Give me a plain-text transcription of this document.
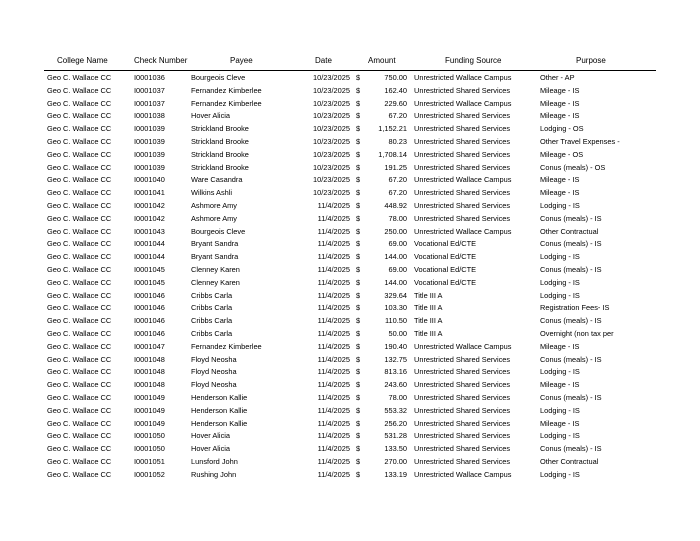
College Name	Check Number	Payee	Date	Amount	Funding Source	Purpose
Geo C. Wallace CC	I0001036	Bourgeois Cleve	10/23/2025 $	750.00 Unrestricted Wallace Campus	Other - AP
Geo C. Wallace CC	I0001037	Fernandez Kimberlee	10/23/2025 $	162.40 Unrestricted Shared Services	Mileage - IS
Geo C. Wallace CC	I0001037	Fernandez Kimberlee	10/23/2025 $	229.60 Unrestricted Wallace Campus	Mileage - IS
Geo C. Wallace CC	I0001038	Hover Alicia	10/23/2025 $	67.20 Unrestricted Shared Services	Mileage - IS
Geo C. Wallace CC	I0001039	Strickland Brooke	10/23/2025 $	1,152.21 Unrestricted Shared Services	Lodging - OS
Geo C. Wallace CC	I0001039	Strickland Brooke	10/23/2025 $	80.23 Unrestricted Shared Services	Other Travel Expenses -
Geo C. Wallace CC	I0001039	Strickland Brooke	10/23/2025 $	1,708.14 Unrestricted Shared Services	Mileage - OS
Geo C. Wallace CC	I0001039	Strickland Brooke	10/23/2025 $	191.25 Unrestricted Shared Services	Conus (meals) - OS
Geo C. Wallace CC	I0001040	Ware Casandra	10/23/2025 $	67.20 Unrestricted Wallace Campus	Mileage - IS
Geo C. Wallace CC	I0001041	Wilkins Ashli	10/23/2025 $	67.20 Unrestricted Shared Services	Mileage - IS
Geo C. Wallace CC	I0001042	Ashmore Amy	11/4/2025 $	448.92 Unrestricted Shared Services	Lodging - IS
Geo C. Wallace CC	I0001042	Ashmore Amy	11/4/2025 $	78.00 Unrestricted Shared Services	Conus (meals) - IS
Geo C. Wallace CC	I0001043	Bourgeois Cleve	11/4/2025 $	250.00 Unrestricted Wallace Campus	Other Contractual
Geo C. Wallace CC	I0001044	Bryant Sandra	11/4/2025 $	69.00 Vocational Ed/CTE	Conus (meals) - IS
Geo C. Wallace CC	I0001044	Bryant Sandra	11/4/2025 $	144.00 Vocational Ed/CTE	Lodging - IS
Geo C. Wallace CC	I0001045	Clenney Karen	11/4/2025 $	69.00 Vocational Ed/CTE	Conus (meals) - IS
Geo C. Wallace CC	I0001045	Clenney Karen	11/4/2025 $	144.00 Vocational Ed/CTE	Lodging - IS
Geo C. Wallace CC	I0001046	Cribbs Carla	11/4/2025 $	329.64 Title III A	Lodging - IS
Geo C. Wallace CC	I0001046	Cribbs Carla	11/4/2025 $	103.30 Title III A	Registration Fees- IS
Geo C. Wallace CC	I0001046	Cribbs Carla	11/4/2025 $	110.50 Title III A	Conus (meals) - IS
Geo C. Wallace CC	I0001046	Cribbs Carla	11/4/2025 $	50.00 Title III A	Overnight (non tax per
Geo C. Wallace CC	I0001047	Fernandez Kimberlee	11/4/2025 $	190.40 Unrestricted Wallace Campus	Mileage - IS
Geo C. Wallace CC	I0001048	Floyd Neosha	11/4/2025 $	132.75 Unrestricted Shared Services	Conus (meals) - IS
Geo C. Wallace CC	I0001048	Floyd Neosha	11/4/2025 $	813.16 Unrestricted Shared Services	Lodging - IS
Geo C. Wallace CC	I0001048	Floyd Neosha	11/4/2025 $	243.60 Unrestricted Shared Services	Mileage - IS
Geo C. Wallace CC	I0001049	Henderson Kallie	11/4/2025 $	78.00 Unrestricted Shared Services	Conus (meals) - IS
Geo C. Wallace CC	I0001049	Henderson Kallie	11/4/2025 $	553.32 Unrestricted Shared Services	Lodging - IS
Geo C. Wallace CC	I0001049	Henderson Kallie	11/4/2025 $	256.20 Unrestricted Shared Services	Mileage - IS
Geo C. Wallace CC	I0001050	Hover Alicia	11/4/2025 $	531.28 Unrestricted Shared Services	Lodging - IS
Geo C. Wallace CC	I0001050	Hover Alicia	11/4/2025 $	133.50 Unrestricted Shared Services	Conus (meals) - IS
Geo C. Wallace CC	I0001051	Lunsford John	11/4/2025 $	270.00 Unrestricted Shared Services	Other Contractual
Geo C. Wallace CC	I0001052	Rushing John	11/4/2025 $	133.19 Unrestricted Wallace Campus	Lodging - IS
